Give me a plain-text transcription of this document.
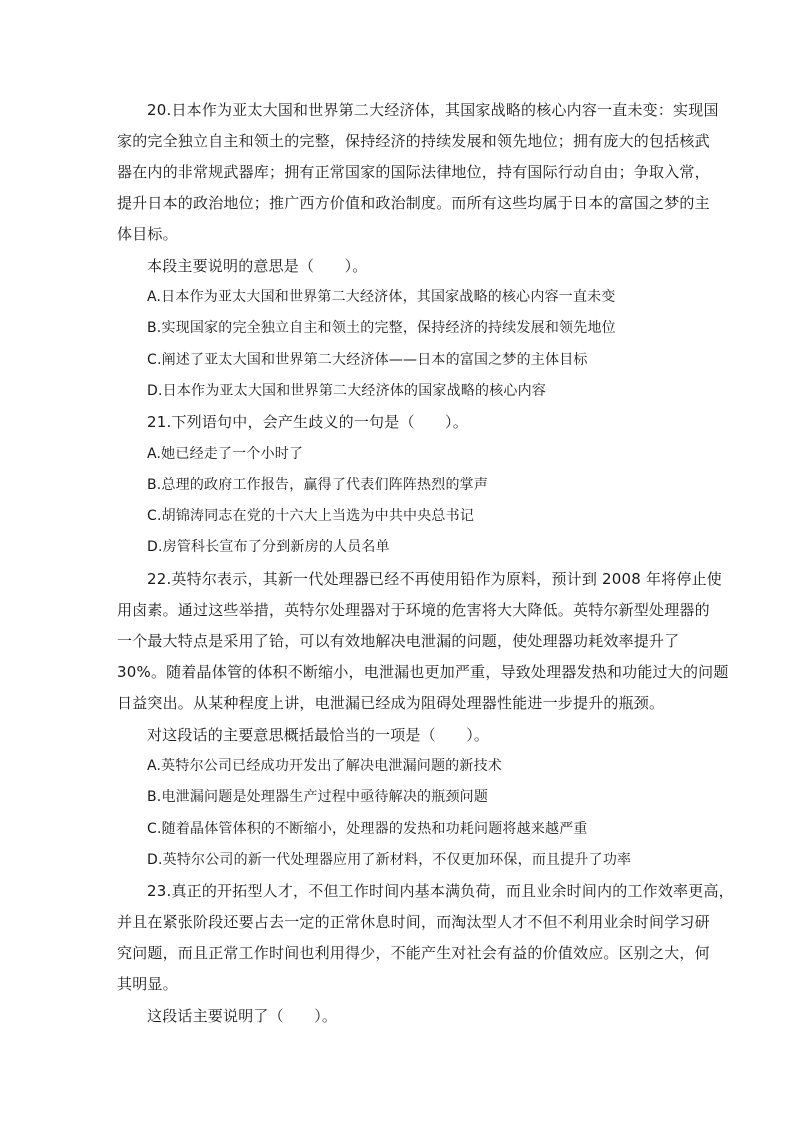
20.日本作为亚太大国和世界第二大经济体，其国家战略的核心内容一直未变：实现国
家的完全独立自主和领土的完整，保持经济的持续发展和领先地位；拥有庞大的包括核武
器在内的非常规武器库；拥有正常国家的国际法律地位，持有国际行动自由；争取入常，
提升日本的政治地位；推广西方价值和政治制度。而所有这些均属于日本的富国之梦的主
体目标。
本段主要说明的意思是（　　）。
A.日本作为亚太大国和世界第二大经济体，其国家战略的核心内容一直未变
B.实现国家的完全独立自主和领土的完整，保持经济的持续发展和领先地位
C.阐述了亚太大国和世界第二大经济体——日本的富国之梦的主体目标
D.日本作为亚太大国和世界第二大经济体的国家战略的核心内容
21.下列语句中，会产生歧义的一句是（　　）。
A.她已经走了一个小时了
B.总理的政府工作报告，赢得了代表们阵阵热烈的掌声
C.胡锦涛同志在党的十六大上当选为中共中央总书记
D.房管科长宣布了分到新房的人员名单
22.英特尔表示，其新一代处理器已经不再使用铅作为原料，预计到 2008 年将停止使
用卤素。通过这些举措，英特尔处理器对于环境的危害将大大降低。英特尔新型处理器的
一个最大特点是采用了铪，可以有效地解决电泄漏的问题，使处理器功耗效率提升了
30%。随着晶体管的体积不断缩小，电泄漏也更加严重，导致处理器发热和功能过大的问题
日益突出。从某种程度上讲，电泄漏已经成为阻碍处理器性能进一步提升的瓶颈。
对这段话的主要意思概括最恰当的一项是（　　）。
A.英特尔公司已经成功开发出了解决电泄漏问题的新技术
B.电泄漏问题是处理器生产过程中亟待解决的瓶颈问题
C.随着晶体管体积的不断缩小，处理器的发热和功耗问题将越来越严重
D.英特尔公司的新一代处理器应用了新材料，不仅更加环保，而且提升了功率
23.真正的开拓型人才，不但工作时间内基本满负荷，而且业余时间内的工作效率更高，
并且在紧张阶段还要占去一定的正常休息时间，而淘汰型人才不但不利用业余时间学习研
究问题，而且正常工作时间也利用得少，不能产生对社会有益的价值效应。区别之大，何
其明显。
这段话主要说明了（　　）。
